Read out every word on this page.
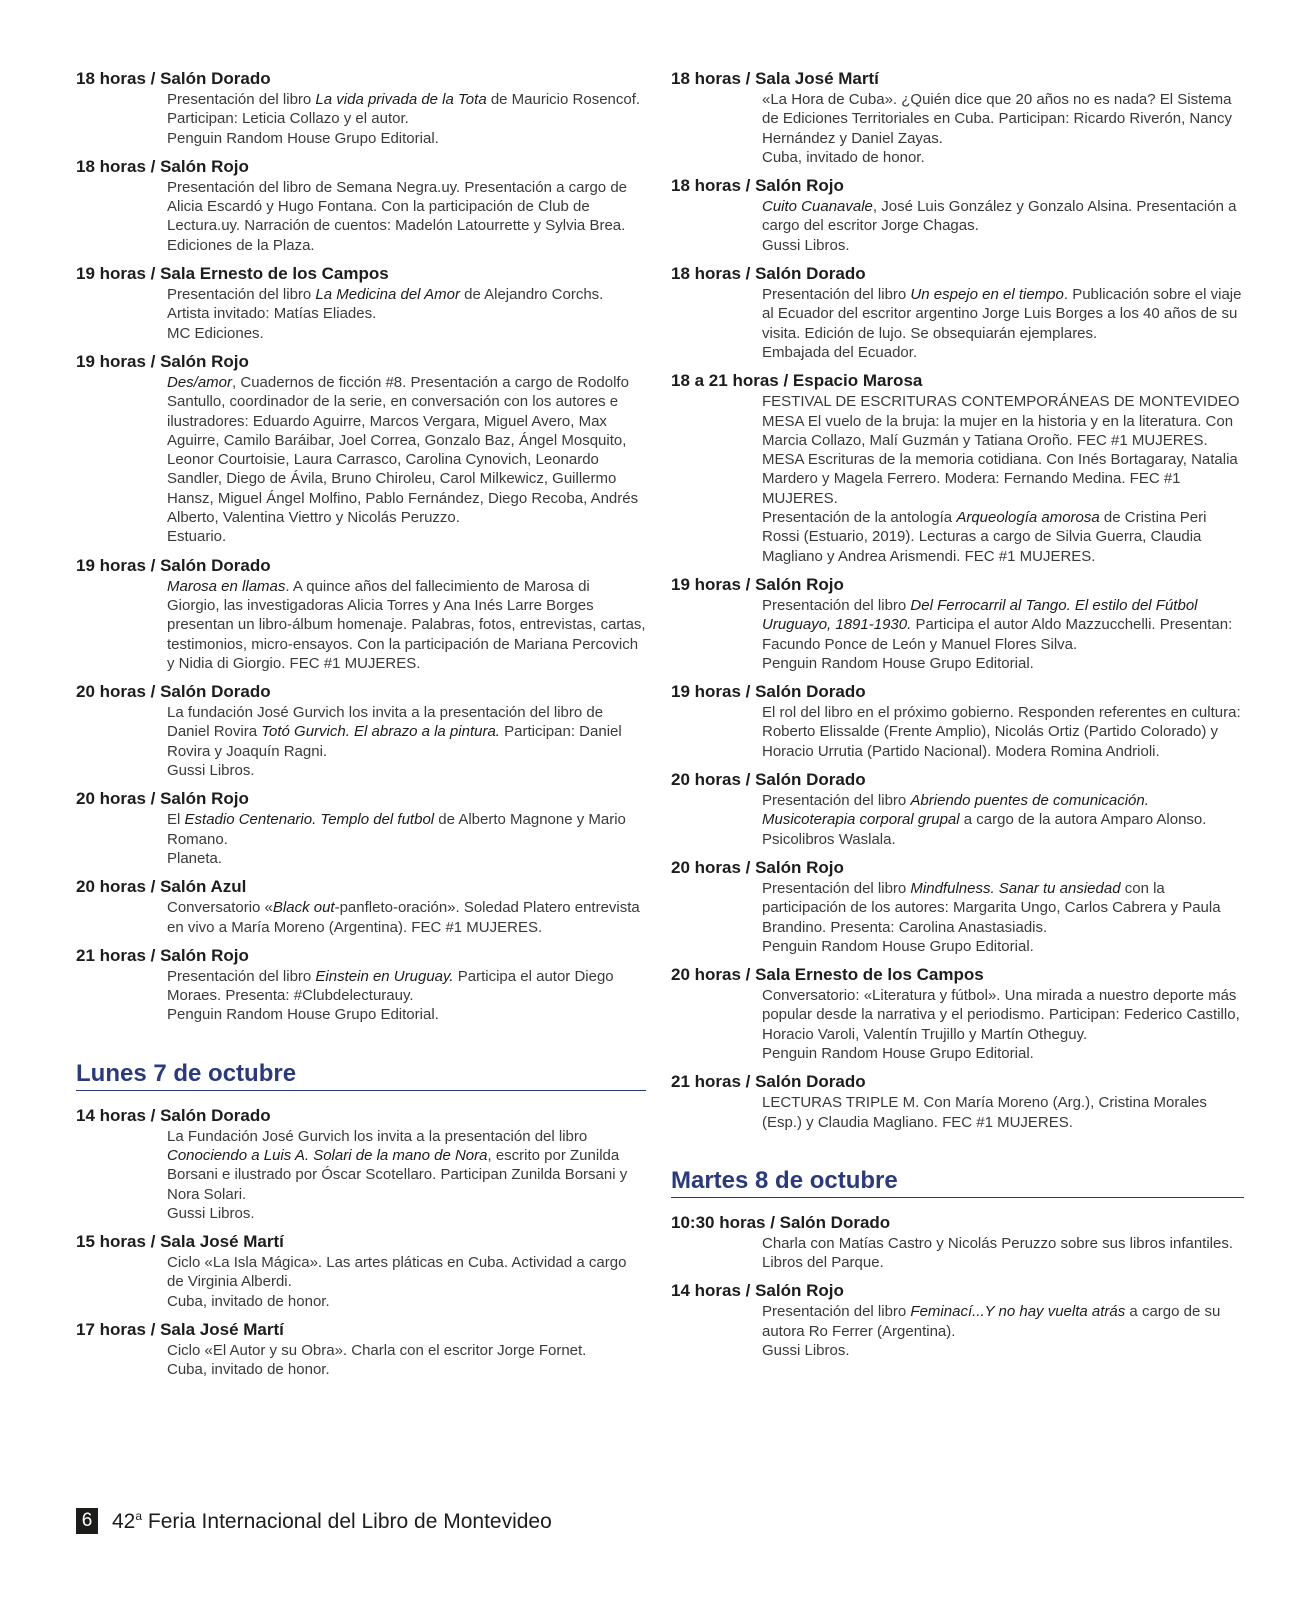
18 horas / Salón Dorado

Presentación del libro La vida privada de la Tota de Mauricio Rosencof. Participan: Leticia Collazo y el autor.

Penguin Random House Grupo Editorial.

18 horas / Salón Rojo

Presentación del libro de Semana Negra.uy. Presentación a cargo de Alicia Escardó y Hugo Fontana. Con la participación de Club de Lectura.uy. Narración de cuentos: Madelón Latourrette y Sylvia Brea.

Ediciones de la Plaza.

19 horas / Sala Ernesto de los Campos

Presentación del libro La Medicina del Amor de Alejandro Corchs. Artista invitado: Matías Eliades.

MC Ediciones.

19 horas / Salón Rojo

Des/amor, Cuadernos de ficción #8. Presentación a cargo de Rodolfo Santullo, coordinador de la serie, en conversación con los autores e ilustradores: Eduardo Aguirre, Marcos Vergara, Miguel Avero, Max Aguirre, Camilo Baráibar, Joel Correa, Gonzalo Baz, Ángel Mosquito, Leonor Courtoisie, Laura Carrasco, Carolina Cynovich, Leonardo Sandler, Diego de Ávila, Bruno Chiroleu, Carol Milkewicz, Guillermo Hansz, Miguel Ángel Molfino, Pablo Fernández, Diego Recoba, Andrés Alberto, Valentina Viettro y Nicolás Peruzzo.

Estuario.

19 horas / Salón Dorado

Marosa en llamas. A quince años del fallecimiento de Marosa di Giorgio, las investigadoras Alicia Torres y Ana Inés Larre Borges presentan un libro-álbum homenaje. Palabras, fotos, entrevistas, cartas, testimonios, micro-ensayos. Con la participación de Mariana Percovich y Nidia di Giorgio. FEC #1 MUJERES.

20 horas / Salón Dorado

La fundación José Gurvich los invita a la presentación del libro de Daniel Rovira Totó Gurvich. El abrazo a la pintura. Participan: Daniel Rovira y Joaquín Ragni.

Gussi Libros.

20 horas / Salón Rojo

El Estadio Centenario. Templo del futbol de Alberto Magnone y Mario Romano.

Planeta.

20 horas / Salón Azul

Conversatorio «Black out-panfleto-oración». Soledad Platero entrevista en vivo a María Moreno (Argentina). FEC #1 MUJERES.

21 horas / Salón Rojo

Presentación del libro Einstein en Uruguay. Participa el autor Diego Moraes. Presenta: #Clubdelecturauy.

Penguin Random House Grupo Editorial.

Lunes 7 de octubre
14 horas / Salón Dorado

La Fundación José Gurvich los invita a la presentación del libro Conociendo a Luis A. Solari de la mano de Nora, escrito por Zunilda Borsani e ilustrado por Óscar Scotellaro. Participan Zunilda Borsani y Nora Solari.

Gussi Libros.

15 horas / Sala José Martí

Ciclo «La Isla Mágica». Las artes pláticas en Cuba. Actividad a cargo de Virginia Alberdi.

Cuba, invitado de honor.

17 horas / Sala José Martí

Ciclo «El Autor y su Obra». Charla con el escritor Jorge Fornet.

Cuba, invitado de honor.

18 horas / Sala José Martí

«La Hora de Cuba». ¿Quién dice que 20 años no es nada? El Sistema de Ediciones Territoriales en Cuba. Participan: Ricardo Riverón, Nancy Hernández y Daniel Zayas.

Cuba, invitado de honor.

18 horas / Salón Rojo

Cuito Cuanavale, José Luis González y Gonzalo Alsina. Presentación a cargo del escritor Jorge Chagas.

Gussi Libros.

18 horas / Salón Dorado

Presentación del libro Un espejo en el tiempo. Publicación sobre el viaje al Ecuador del escritor argentino Jorge Luis Borges a los 40 años de su visita. Edición de lujo. Se obsequiarán ejemplares.

Embajada del Ecuador.

18 a 21 horas / Espacio Marosa

FESTIVAL DE ESCRITURAS CONTEMPORÁNEAS DE MONTEVIDEO

MESA El vuelo de la bruja: la mujer en la historia y en la literatura. Con Marcia Collazo, Malí Guzmán y Tatiana Oroño. FEC #1 MUJERES.

MESA Escrituras de la memoria cotidiana. Con Inés Bortagaray, Natalia Mardero y Magela Ferrero. Modera: Fernando Medina. FEC #1 MUJERES.

Presentación de la antología Arqueología amorosa de Cristina Peri Rossi (Estuario, 2019). Lecturas a cargo de Silvia Guerra, Claudia Magliano y Andrea Arismendi. FEC #1 MUJERES.

19 horas / Salón Rojo

Presentación del libro Del Ferrocarril al Tango. El estilo del Fútbol Uruguayo, 1891-1930. Participa el autor Aldo Mazzucchelli. Presentan: Facundo Ponce de León y Manuel Flores Silva.

Penguin Random House Grupo Editorial.

19 horas / Salón Dorado

El rol del libro en el próximo gobierno. Responden referentes en cultura: Roberto Elissalde (Frente Amplio), Nicolás Ortiz (Partido Colorado) y Horacio Urrutia (Partido Nacional). Modera Romina Andrioli.

20 horas / Salón Dorado

Presentación del libro Abriendo puentes de comunicación. Musicoterapia corporal grupal a cargo de la autora Amparo Alonso.

Psicolibros Waslala.

20 horas / Salón Rojo

Presentación del libro Mindfulness. Sanar tu ansiedad con la participación de los autores: Margarita Ungo, Carlos Cabrera y Paula Brandino. Presenta: Carolina Anastasiadis.

Penguin Random House Grupo Editorial.

20 horas / Sala Ernesto de los Campos

Conversatorio: «Literatura y fútbol». Una mirada a nuestro deporte más popular desde la narrativa y el periodismo. Participan: Federico Castillo, Horacio Varoli, Valentín Trujillo y Martín Otheguy.

Penguin Random House Grupo Editorial.

21 horas / Salón Dorado

LECTURAS TRIPLE M. Con María Moreno (Arg.), Cristina Morales (Esp.) y Claudia Magliano. FEC #1 MUJERES.

Martes 8 de octubre
10:30 horas / Salón Dorado

Charla con Matías Castro y Nicolás Peruzzo sobre sus libros infantiles.

Libros del Parque.

14 horas / Salón Rojo

Presentación del libro Feminací...Y no hay vuelta atrás a cargo de su autora Ro Ferrer (Argentina).

Gussi Libros.

6 42$^a$ Feria Internacional del Libro de Montevideo
